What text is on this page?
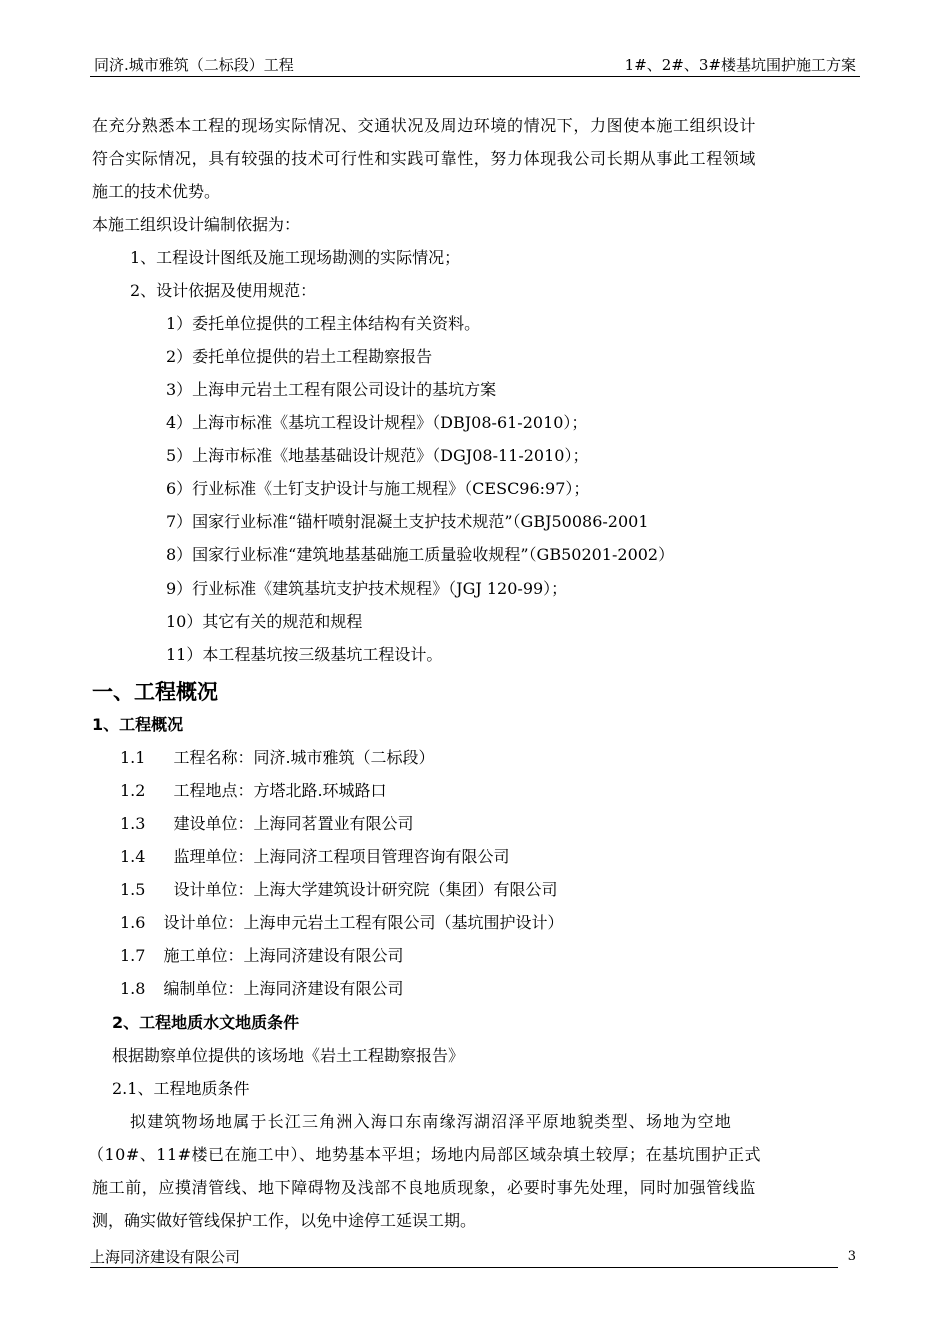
同济.城市雅筑（二标段）工程	1#、2#、3#楼基坑围护施工方案
在充分熟悉本工程的现场实际情况、交通状况及周边环境的情况下，力图使本施工组织设计
符合实际情况，具有较强的技术可行性和实践可靠性，努力体现我公司长期从事此工程领域
施工的技术优势。
本施工组织设计编制依据为：
1、工程设计图纸及施工现场勘测的实际情况；
2、设计依据及使用规范：
1）委托单位提供的工程主体结构有关资料。
2）委托单位提供的岩土工程勘察报告
3）上海申元岩土工程有限公司设计的基坑方案
4）上海市标准《基坑工程设计规程》（DBJ08-61-2010）；
5）上海市标准《地基基础设计规范》（DGJ08-11-2010）；
6）行业标准《土钉支护设计与施工规程》（CESC96:97）；
7）国家行业标准“锚杆喷射混凝土支护技术规范”（GBJ50086-2001
8）国家行业标准“建筑地基基础施工质量验收规程”（GB50201-2002）
9）行业标准《建筑基坑支护技术规程》（JGJ 120-99）；
10）其它有关的规范和规程
11）本工程基坑按三级基坑工程设计。
一、工程概况
1、工程概况
1.1 工程名称：同济.城市雅筑（二标段）
1.2 工程地点：方塔北路.环城路口
1.3 建设单位：上海同茗置业有限公司
1.4 监理单位：上海同济工程项目管理咨询有限公司
1.5 设计单位：上海大学建筑设计研究院（集团）有限公司
1.6 设计单位：上海申元岩土工程有限公司（基坑围护设计）
1.7 施工单位：上海同济建设有限公司
1.8 编制单位：上海同济建设有限公司
2、工程地质水文地质条件
根据勘察单位提供的该场地《岩土工程勘察报告》
2.1、工程地质条件
拟建筑物场地属于长江三角洲入海口东南缘泻湖沼泽平原地貌类型、场地为空地
（10#、11#楼已在施工中）、地势基本平坦；场地内局部区域杂填土较厚；在基坑围护正式
施工前，应摸清管线、地下障碍物及浅部不良地质现象，必要时事先处理，同时加强管线监
测，确实做好管线保护工作，以免中途停工延误工期。
上海同济建设有限公司	3
